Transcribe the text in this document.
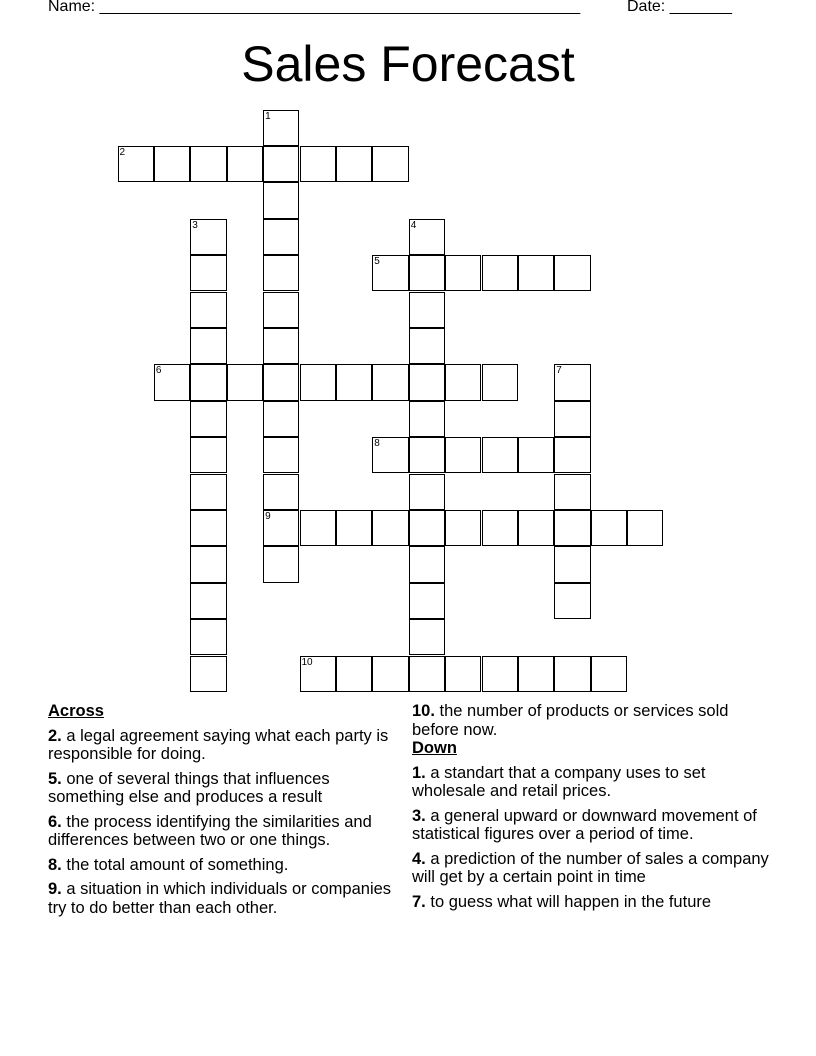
Name: ______________________________________________________	Date: _______
Sales Forecast
1
9
2
3	4
5
6	7
8
10
Across
2. a legal agreement saying what each party is responsible for doing.
5. one of several things that influences something else and produces a result
6. the process identifying the similarities and differences between two or one things.
8. the total amount of something.
9. a situation in which individuals or companies try to do better than each other.
10. the number of products or services sold before now.
Down
1. a standart that a company uses to set wholesale and retail prices.
3. a general upward or downward movement of statistical figures over a period of time.
4. a prediction of the number of sales a company will get by a certain point in time
7. to guess what will happen in the future
